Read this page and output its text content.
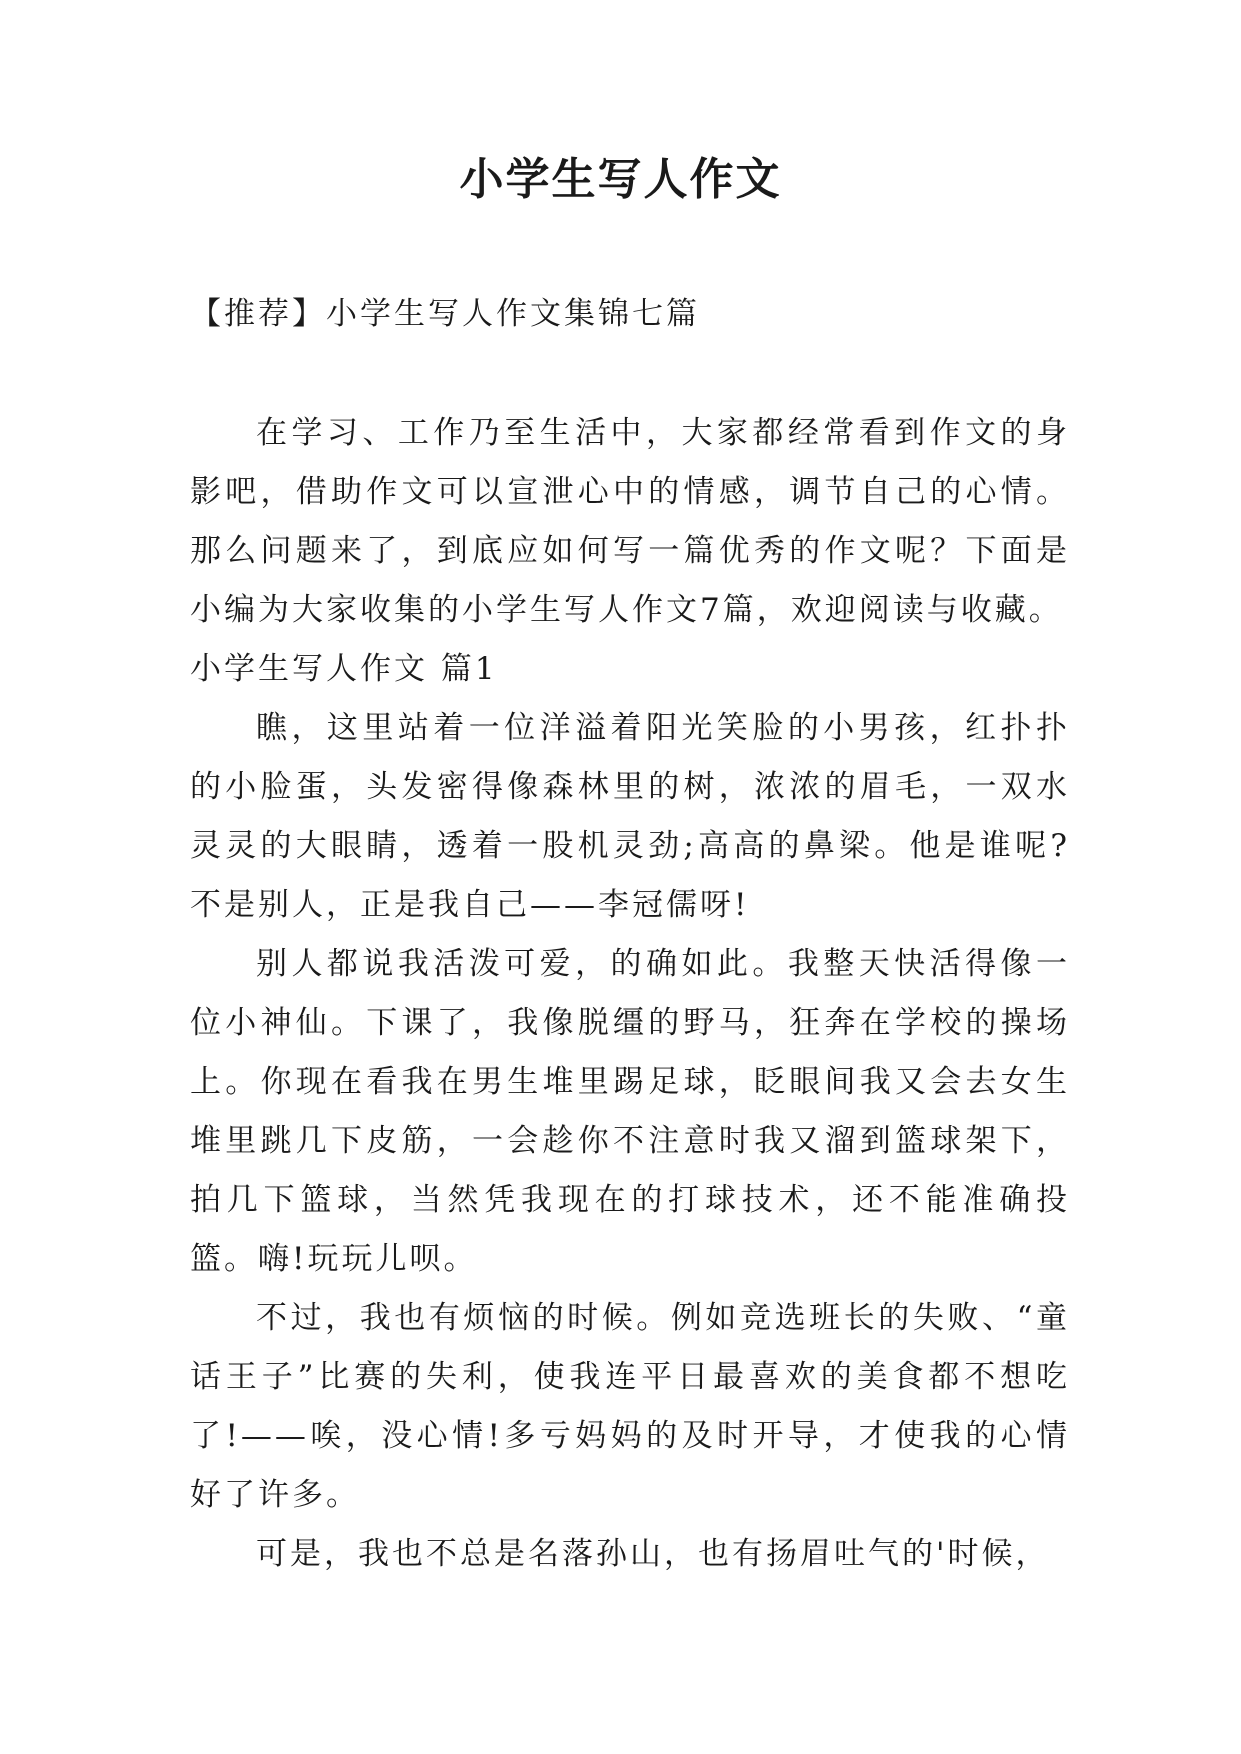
小学生写人作文
【推荐】小学生写人作文集锦七篇

在学习、工作乃至生活中，大家都经常看到作文的身影吧，借助作文可以宣泄心中的情感，调节自己的心情。那么问题来了，到底应如何写一篇优秀的作文呢？下面是小编为大家收集的小学生写人作文7篇，欢迎阅读与收藏。

小学生写人作文 篇1

瞧，这里站着一位洋溢着阳光笑脸的小男孩，红扑扑的小脸蛋，头发密得像森林里的树，浓浓的眉毛，一双水灵灵的大眼睛，透着一股机灵劲;高高的鼻梁。他是谁呢?不是别人，正是我自己——李冠儒呀!

别人都说我活泼可爱，的确如此。我整天快活得像一位小神仙。下课了，我像脱缰的野马，狂奔在学校的操场上。你现在看我在男生堆里踢足球，眨眼间我又会去女生堆里跳几下皮筋，一会趁你不注意时我又溜到篮球架下，拍几下篮球，当然凭我现在的打球技术，还不能准确投篮。嗨!玩玩儿呗。

不过，我也有烦恼的时候。例如竞选班长的失败、“童话王子”比赛的失利，使我连平日最喜欢的美食都不想吃了!——唉，没心情!多亏妈妈的及时开导，才使我的心情好了许多。

可是，我也不总是名落孙山，也有扬眉吐气的'时候，
